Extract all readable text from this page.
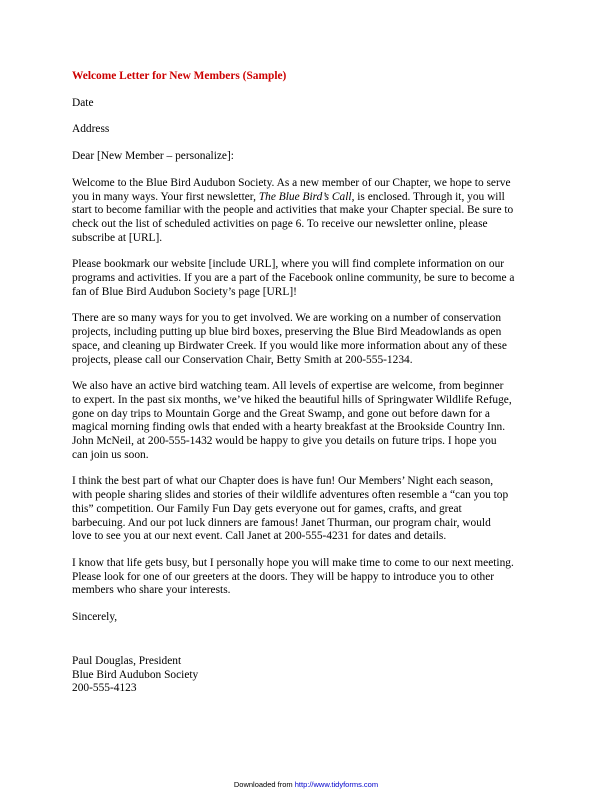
Welcome Letter for New Members (Sample)
Date
Address
Dear [New Member – personalize]:
Welcome to the Blue Bird Audubon Society. As a new member of our Chapter, we hope to serve
you in many ways. Your first newsletter, The Blue Bird’s Call, is enclosed. Through it, you will
start to become familiar with the people and activities that make your Chapter special. Be sure to
check out the list of scheduled activities on page 6. To receive our newsletter online, please
subscribe at [URL].
Please bookmark our website [include URL], where you will find complete information on our
programs and activities. If you are a part of the Facebook online community, be sure to become a
fan of Blue Bird Audubon Society’s page [URL]!
There are so many ways for you to get involved. We are working on a number of conservation
projects, including putting up blue bird boxes, preserving the Blue Bird Meadowlands as open
space, and cleaning up Birdwater Creek. If you would like more information about any of these
projects, please call our Conservation Chair, Betty Smith at 200-555-1234.
We also have an active bird watching team. All levels of expertise are welcome, from beginner
to expert. In the past six months, we’ve hiked the beautiful hills of Springwater Wildlife Refuge,
gone on day trips to Mountain Gorge and the Great Swamp, and gone out before dawn for a
magical morning finding owls that ended with a hearty breakfast at the Brookside Country Inn.
John McNeil, at 200-555-1432 would be happy to give you details on future trips. I hope you
can join us soon.
I think the best part of what our Chapter does is have fun! Our Members’ Night each season,
with people sharing slides and stories of their wildlife adventures often resemble a “can you top
this” competition. Our Family Fun Day gets everyone out for games, crafts, and great
barbecuing. And our pot luck dinners are famous! Janet Thurman, our program chair, would
love to see you at our next event. Call Janet at 200-555-4231 for dates and details.
I know that life gets busy, but I personally hope you will make time to come to our next meeting.
Please look for one of our greeters at the doors. They will be happy to introduce you to other
members who share your interests.
Sincerely,
Paul Douglas, President
Blue Bird Audubon Society
200-555-4123
Downloaded from http://www.tidyforms.com
